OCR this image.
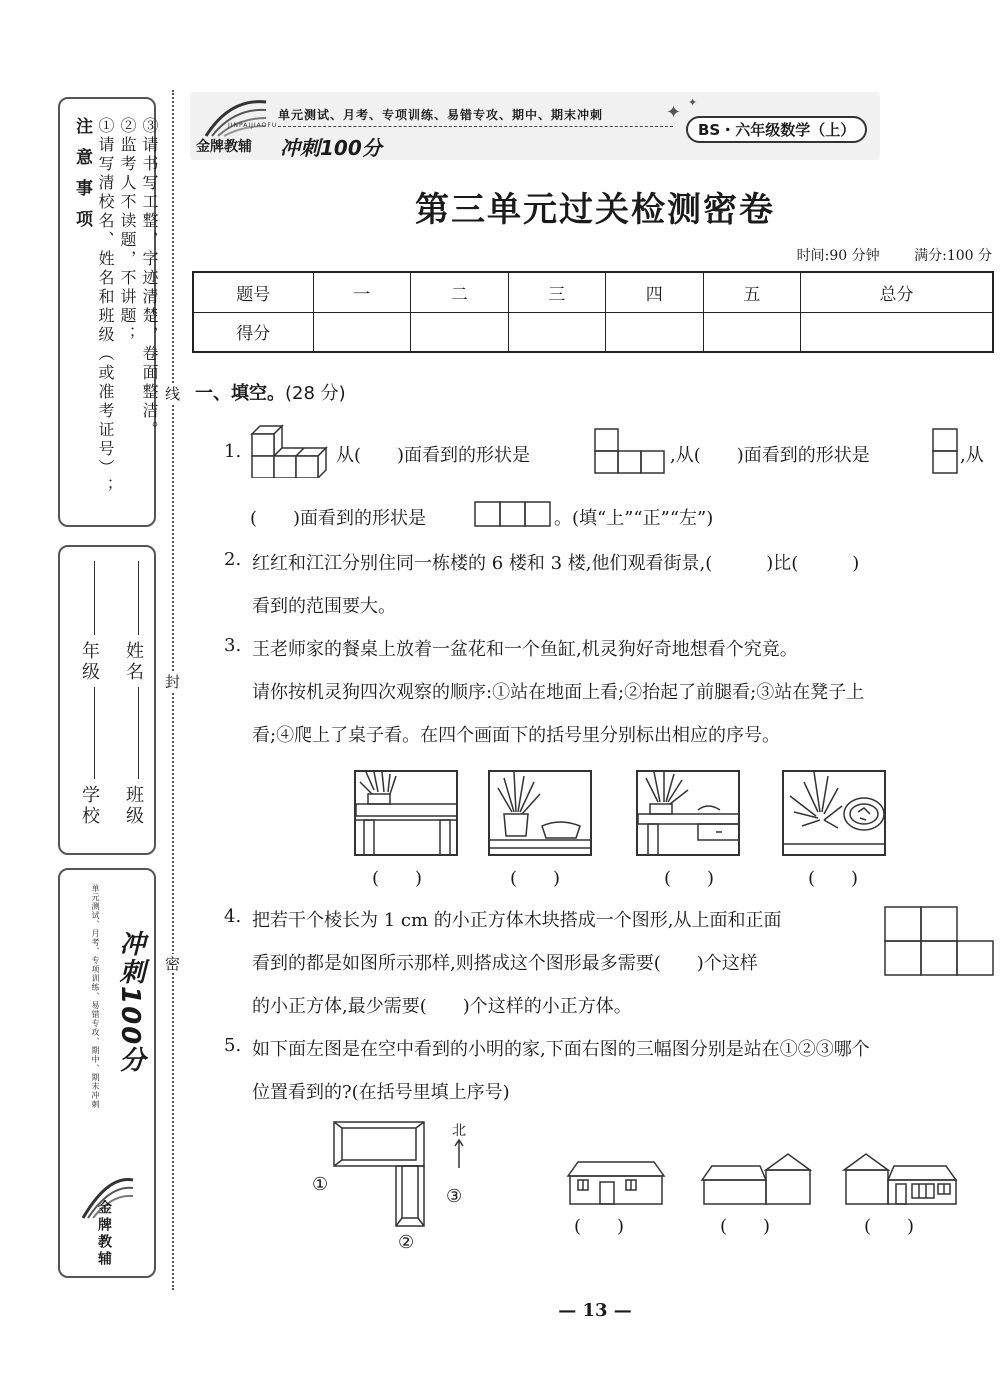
注意事项 ①请写清校名、姓名和班级（或准考证号）； ②监考人不读题，不讲题； ③请书写工整，字迹清楚，卷面整洁。
学校
年级
班级
姓名
单元测试、月考、专项训练、易错专攻、期中、期末冲刺 冲刺100分
金牌教辅
线
封
密
JINPAIJIAOFU
金牌教辅
单元测试、月考、专项训练、易错专攻、期中、期末冲刺
冲刺100分
✦ ✦
BS・六年级数学（上）
第三单元过关检测密卷
时间:90 分钟 满分:100 分
题号	一	二	三	四	五	总分
得分						
一、填空。(28 分)
1.	从(　　)面看到的形状是	,从(　　)面看到的形状是	,从
(　　)面看到的形状是	。(填“上”“正”“左”)
2. 红红和江江分别住同一栋楼的 6 楼和 3 楼,他们观看街景,(　　　)比(　　　)
看到的范围要大。
3. 王老师家的餐桌上放着一盆花和一个鱼缸,机灵狗好奇地想看个究竟。
请你按机灵狗四次观察的顺序:①站在地面上看;②抬起了前腿看;③站在凳子上
看;④爬上了桌子看。在四个画面下的括号里分别标出相应的序号。
(　　)	(　　)	(　　)	(　　)
4. 把若干个棱长为 1 cm 的小正方体木块搭成一个图形,从上面和正面
看到的都是如图所示那样,则搭成这个图形最多需要(　　)个这样
的小正方体,最少需要(　　)个这样的小正方体。
5. 如下面左图是在空中看到的小明的家,下面右图的三幅图分别是站在①②③哪个
位置看到的?(在括号里填上序号)
北
①
②
③
(　　)	(　　)	(　　)
— 13 —
